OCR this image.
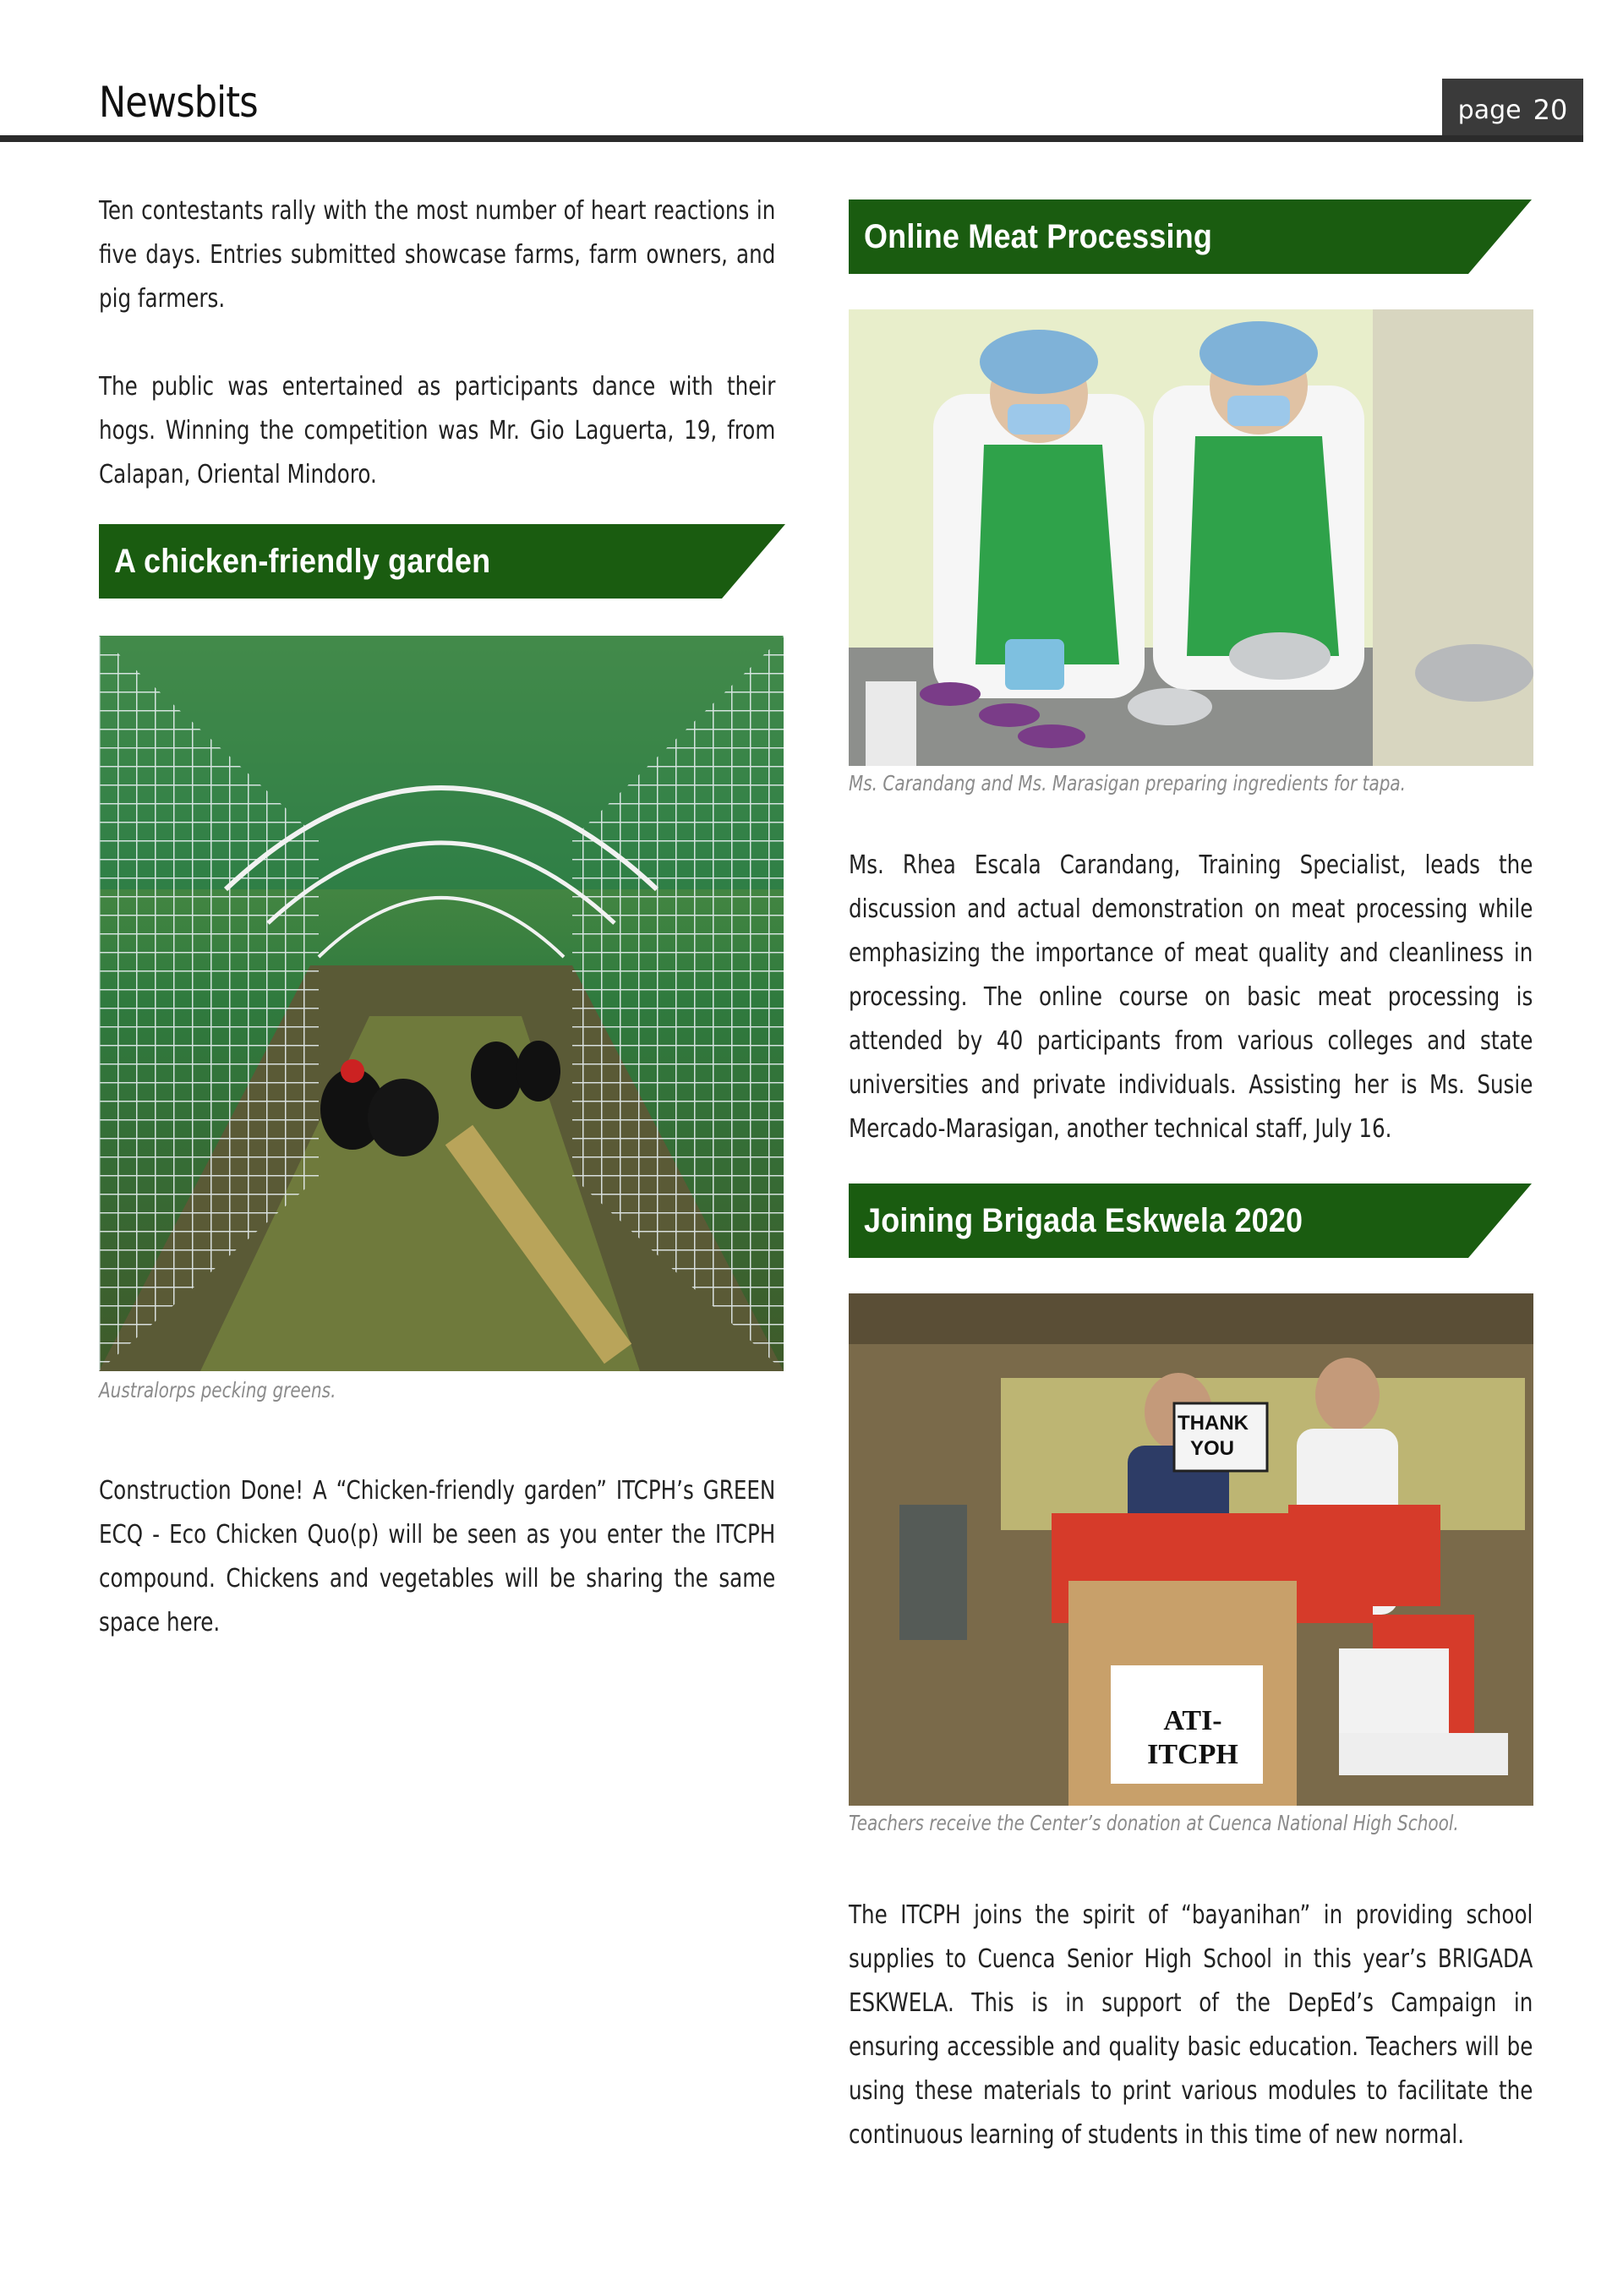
Newsbits	page 20

Ten contestants rally with the most number of heart reactions in five days. Entries submitted showcase farms, farm owners, and pig farmers.

The public was entertained as participants dance with their hogs. Winning the competition was Mr. Gio Laguerta, 19, from Calapan, Oriental Mindoro.

A chicken-friendly garden
Australorps pecking greens.

Construction Done! A “Chicken-friendly garden” ITCPH’s GREEN ECQ - Eco Chicken Quo(p) will be seen as you enter the ITCPH compound. Chickens and vegetables will be sharing the same space here.

Online Meat Processing
Ms. Carandang and Ms. Marasigan preparing ingredients for tapa.

Ms. Rhea Escala Carandang, Training Specialist, leads the discussion and actual demonstration on meat processing while emphasizing the importance of meat quality and cleanliness in processing. The online course on basic meat processing is attended by 40 participants from various colleges and state universities and private individuals. Assisting her is Ms. Susie Mercado-Marasigan, another technical staff, July 16.

Joining Brigada Eskwela 2020
THANK YOU
ATI-ITCPH
Teachers receive the Center’s donation at Cuenca National High School.

The ITCPH joins the spirit of “bayanihan” in providing school supplies to Cuenca Senior High School in this year’s BRIGADA ESKWELA. This is in support of the DepEd’s Campaign in ensuring accessible and quality basic education. Teachers will be using these materials to print various modules to facilitate the continuous learning of students in this time of new normal.
